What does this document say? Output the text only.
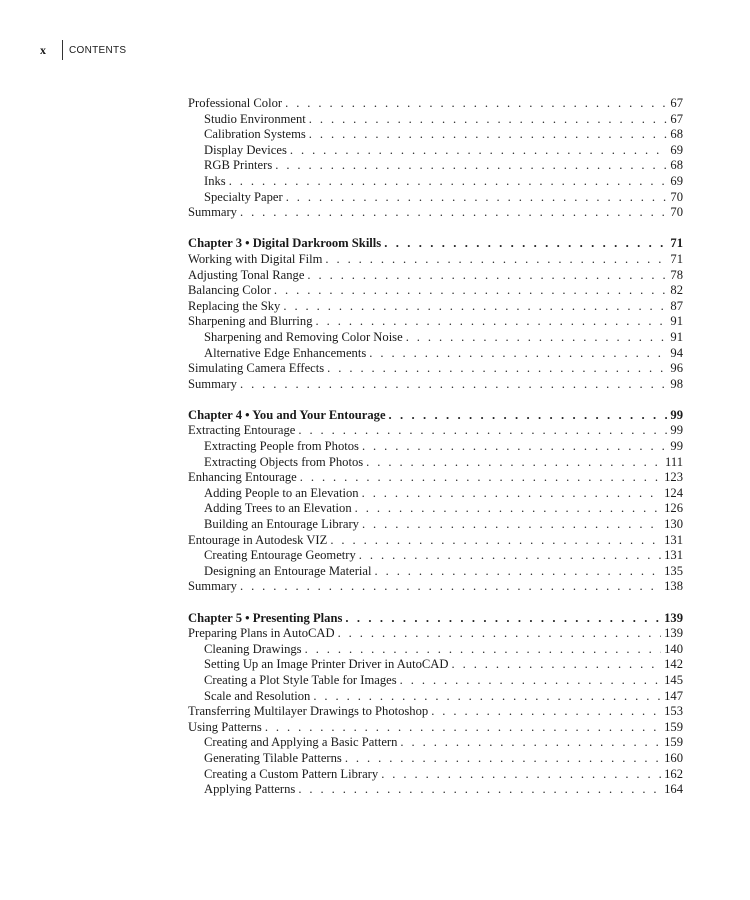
x	CONTENTS
Professional Color . . .	67
Studio Environment . . .	67
Calibration Systems . . .	68
Display Devices . . .	69
RGB Printers . . .	68
Inks . . .	69
Specialty Paper . . .	70
Summary . . .	70
Chapter 3 • Digital Darkroom Skills . . .	71
Working with Digital Film . . .	71
Adjusting Tonal Range . . .	78
Balancing Color . . .	82
Replacing the Sky . . .	87
Sharpening and Blurring . . .	91
Sharpening and Removing Color Noise . . .	91
Alternative Edge Enhancements . . .	94
Simulating Camera Effects . . .	96
Summary . . .	98
Chapter 4 • You and Your Entourage . . .	99
Extracting Entourage . . .	99
Extracting People from Photos . . .	99
Extracting Objects from Photos . . .	111
Enhancing Entourage . . .	123
Adding People to an Elevation . . .	124
Adding Trees to an Elevation . . .	126
Building an Entourage Library . . .	130
Entourage in Autodesk VIZ . . .	131
Creating Entourage Geometry . . .	131
Designing an Entourage Material . . .	135
Summary . . .	138
Chapter 5 • Presenting Plans . . .	139
Preparing Plans in AutoCAD . . .	139
Cleaning Drawings . . .	140
Setting Up an Image Printer Driver in AutoCAD . . .	142
Creating a Plot Style Table for Images . . .	145
Scale and Resolution . . .	147
Transferring Multilayer Drawings to Photoshop . . .	153
Using Patterns . . .	159
Creating and Applying a Basic Pattern . . .	159
Generating Tilable Patterns . . .	160
Creating a Custom Pattern Library . . .	162
Applying Patterns . . .	164
